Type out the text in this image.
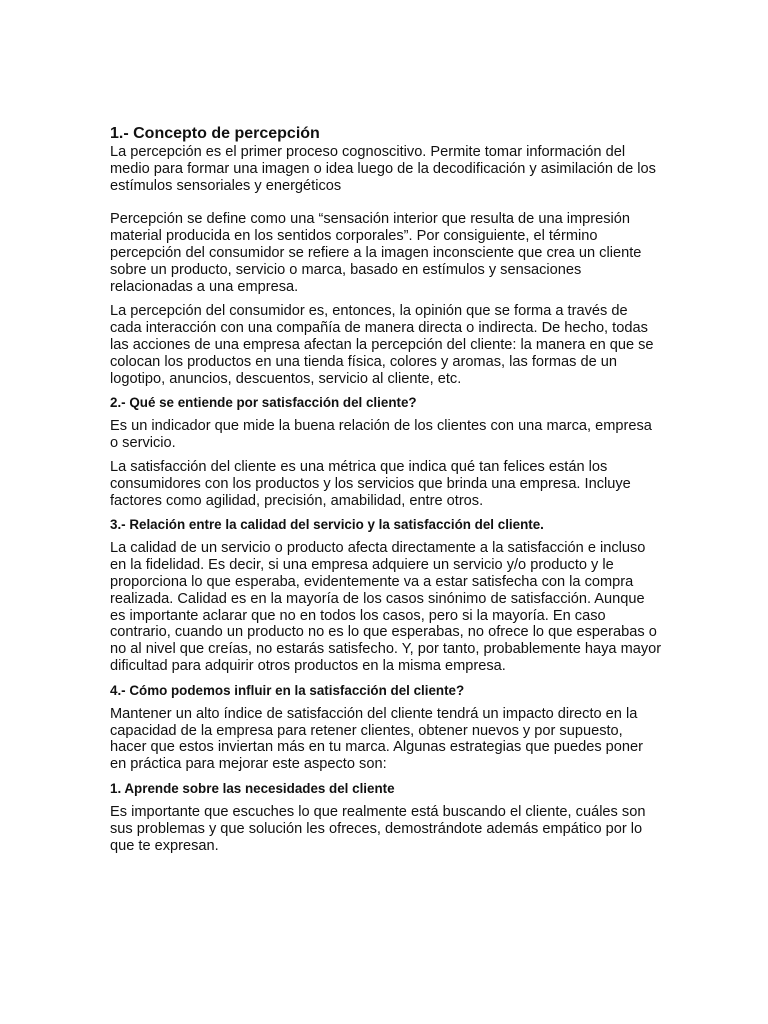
1.- Concepto de percepción

La percepción es el primer proceso cognoscitivo. Permite tomar información del medio para formar una imagen o idea luego de la decodificación y asimilación de los estímulos sensoriales y energéticos

Percepción se define como una “sensación interior que resulta de una impresión material producida en los sentidos corporales”. Por consiguiente, el término percepción del consumidor se refiere a la imagen inconsciente que crea un cliente sobre un producto, servicio o marca, basado en estímulos y sensaciones relacionadas a una empresa.

La percepción del consumidor es, entonces, la opinión que se forma a través de cada interacción con una compañía de manera directa o indirecta. De hecho, todas las acciones de una empresa afectan la percepción del cliente: la manera en que se colocan los productos en una tienda física, colores y aromas, las formas de un logotipo, anuncios, descuentos, servicio al cliente, etc.

2.- Qué se entiende por satisfacción del cliente?

Es un indicador que mide la buena relación de los clientes con una marca, empresa o servicio.

La satisfacción del cliente es una métrica que indica qué tan felices están los consumidores con los productos y los servicios que brinda una empresa. Incluye factores como agilidad, precisión, amabilidad, entre otros.

3.- Relación entre la calidad del servicio y la satisfacción del cliente.

La calidad de un servicio o producto afecta directamente a la satisfacción e incluso en la fidelidad. Es decir, si una empresa adquiere un servicio y/o producto y le proporciona lo que esperaba, evidentemente va a estar satisfecha con la compra realizada. Calidad es en la mayoría de los casos sinónimo de satisfacción. Aunque es importante aclarar que no en todos los casos, pero si la mayoría. En caso contrario, cuando un producto no es lo que esperabas, no ofrece lo que esperabas o no al nivel que creías, no estarás satisfecho. Y, por tanto, probablemente haya mayor dificultad para adquirir otros productos en la misma empresa.

4.- Cómo podemos influir en la satisfacción del cliente?

Mantener un alto índice de satisfacción del cliente tendrá un impacto directo en la capacidad de la empresa para retener clientes, obtener nuevos y por supuesto, hacer que estos inviertan más en tu marca. Algunas estrategias que puedes poner en práctica para mejorar este aspecto son:

1. Aprende sobre las necesidades del cliente

Es importante que escuches lo que realmente está buscando el cliente, cuáles son sus problemas y que solución les ofreces, demostrándote además empático por lo que te expresan.
